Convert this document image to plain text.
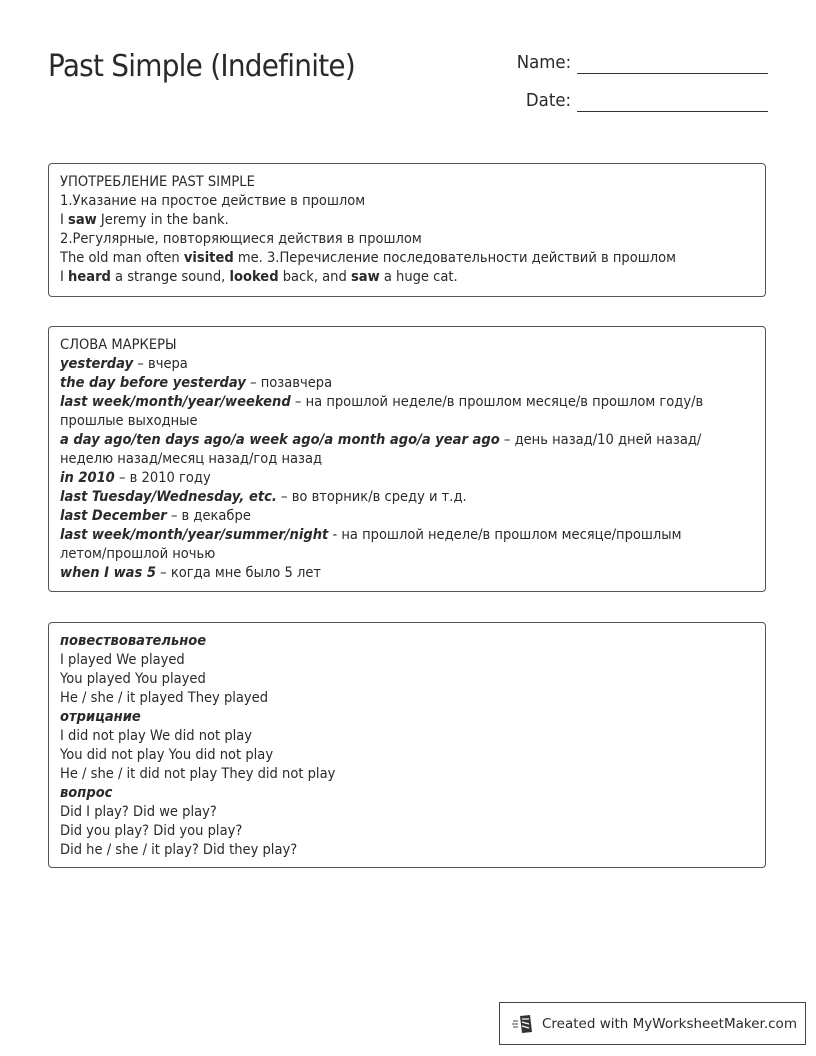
Past Simple (Indefinite)	Name:
Date:
УПОТРЕБЛЕНИЕ PAST SIMPLE
1.Указание на простое действие в прошлом
I saw Jeremy in the bank.
2.Регулярные, повторяющиеся действия в прошлом
The old man often visited me. 3.Перечисление последовательности действий в прошлом
I heard a strange sound, looked back, and saw a huge cat.
СЛОВА МАРКЕРЫ
yesterday – вчера
the day before yesterday – позавчера
last week/month/year/weekend – на прошлой неделе/в прошлом месяце/в прошлом году/в
прошлые выходные
a day ago/ten days ago/a week ago/a month ago/a year ago – день назад/10 дней назад/
неделю назад/месяц назад/год назад
in 2010 – в 2010 году
last Tuesday/Wednesday, etc. – во вторник/в среду и т.д.
last December – в декабре
last week/month/year/summer/night - на прошлой неделе/в прошлом месяце/прошлым
летом/прошлой ночью
when I was 5 – когда мне было 5 лет
повествовательное
I played We played
You played You played
He / she / it played They played
отрицание
I did not play We did not play
You did not play You did not play
He / she / it did not play They did not play
вопрос
Did I play? Did we play?
Did you play? Did you play?
Did he / she / it play? Did they play?
Created with MyWorksheetMaker.com
